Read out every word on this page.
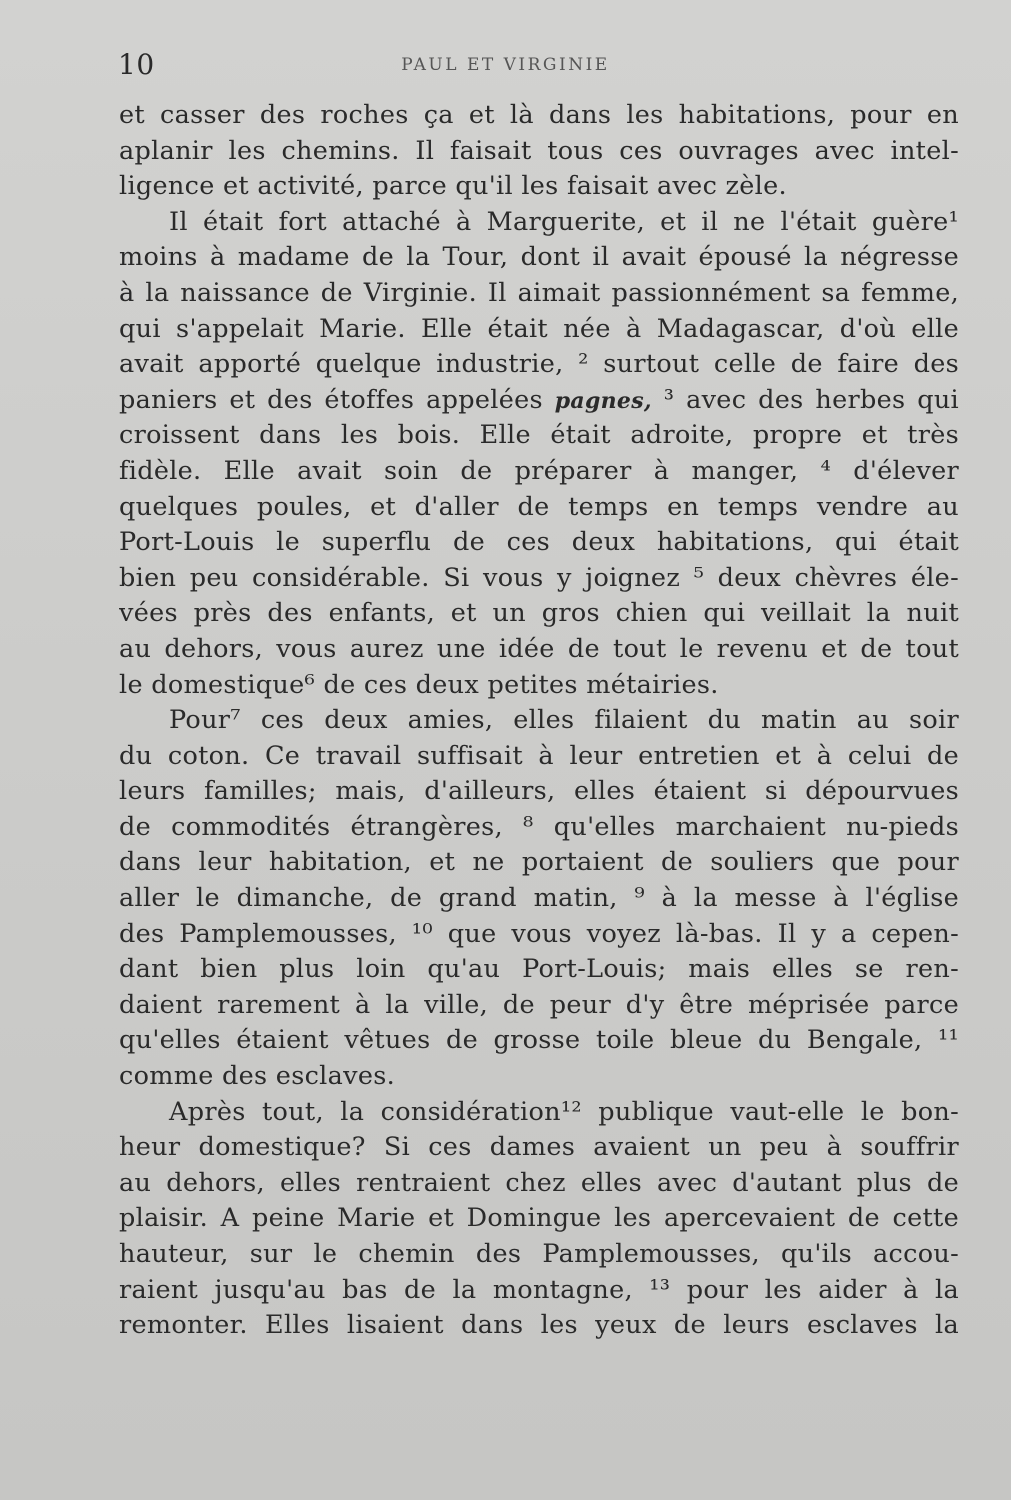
10	PAUL ET VIRGINIE
et casser des roches ça et là dans les habitations, pour en
aplanir les chemins. Il faisait tous ces ouvrages avec intel-
ligence et activité, parce qu'il les faisait avec zèle.
Il était fort attaché à Marguerite, et il ne l'était guère¹
moins à madame de la Tour, dont il avait épousé la négresse
à la naissance de Virginie. Il aimait passionnément sa femme,
qui s'appelait Marie. Elle était née à Madagascar, d'où elle
avait apporté quelque industrie, ² surtout celle de faire des
paniers et des étoffes appelées pagnes, ³ avec des herbes qui
croissent dans les bois. Elle était adroite, propre et très
fidèle. Elle avait soin de préparer à manger, ⁴ d'élever
quelques poules, et d'aller de temps en temps vendre au
Port-Louis le superflu de ces deux habitations, qui était
bien peu considérable. Si vous y joignez ⁵ deux chèvres éle-
vées près des enfants, et un gros chien qui veillait la nuit
au dehors, vous aurez une idée de tout le revenu et de tout
le domestique⁶ de ces deux petites métairies.
Pour⁷ ces deux amies, elles filaient du matin au soir
du coton. Ce travail suffisait à leur entretien et à celui de
leurs familles; mais, d'ailleurs, elles étaient si dépourvues
de commodités étrangères, ⁸ qu'elles marchaient nu-pieds
dans leur habitation, et ne portaient de souliers que pour
aller le dimanche, de grand matin, ⁹ à la messe à l'église
des Pamplemousses, ¹⁰ que vous voyez là-bas. Il y a cepen-
dant bien plus loin qu'au Port-Louis; mais elles se ren-
daient rarement à la ville, de peur d'y être méprisée parce
qu'elles étaient vêtues de grosse toile bleue du Bengale, ¹¹
comme des esclaves.
Après tout, la considération¹² publique vaut-elle le bon-
heur domestique? Si ces dames avaient un peu à souffrir
au dehors, elles rentraient chez elles avec d'autant plus de
plaisir. A peine Marie et Domingue les apercevaient de cette
hauteur, sur le chemin des Pamplemousses, qu'ils accou-
raient jusqu'au bas de la montagne, ¹³ pour les aider à la
remonter. Elles lisaient dans les yeux de leurs esclaves la
